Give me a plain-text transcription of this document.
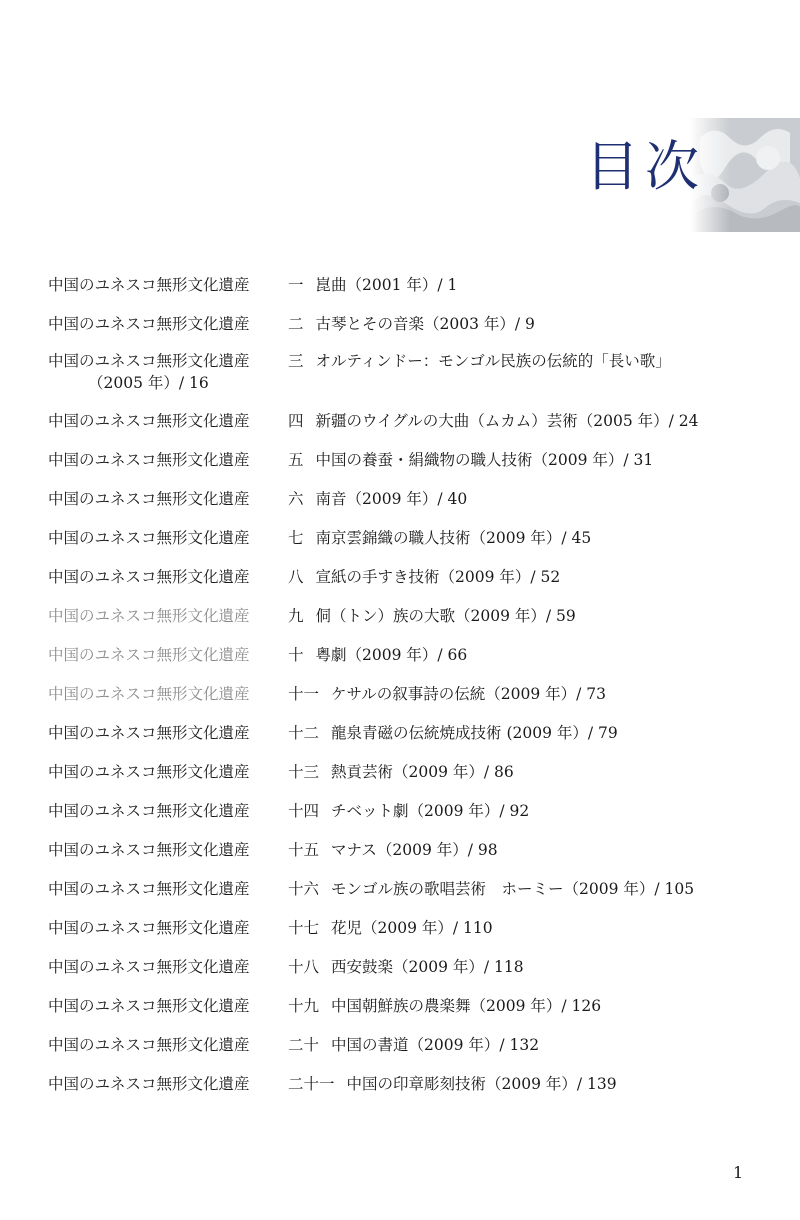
目次
中国のユネスコ無形文化遺産 一 崑曲（2001 年）/ 1
中国のユネスコ無形文化遺産 二 古琴とその音楽（2003 年）/ 9
中国のユネスコ無形文化遺産 三 オルティンドー：モンゴル民族の伝統的「長い歌」
（2005 年）/ 16
中国のユネスコ無形文化遺産 四 新疆のウイグルの大曲（ムカム）芸術（2005 年）/ 24
中国のユネスコ無形文化遺産 五 中国の養蚕・絹織物の職人技術（2009 年）/ 31
中国のユネスコ無形文化遺産 六 南音（2009 年）/ 40
中国のユネスコ無形文化遺産 七 南京雲錦織の職人技術（2009 年）/ 45
中国のユネスコ無形文化遺産 八 宣紙の手すき技術（2009 年）/ 52
中国のユネスコ無形文化遺産 九 侗（トン）族の大歌（2009 年）/ 59
中国のユネスコ無形文化遺産 十 粤劇（2009 年）/ 66
中国のユネスコ無形文化遺産 十一 ケサルの叙事詩の伝統（2009 年）/ 73
中国のユネスコ無形文化遺産 十二 龍泉青磁の伝統焼成技術 (2009 年）/ 79
中国のユネスコ無形文化遺産 十三 熱貢芸術（2009 年）/ 86
中国のユネスコ無形文化遺産 十四 チベット劇（2009 年）/ 92
中国のユネスコ無形文化遺産 十五 マナス（2009 年）/ 98
中国のユネスコ無形文化遺産 十六 モンゴル族の歌唱芸術　ホーミー（2009 年）/ 105
中国のユネスコ無形文化遺産 十七 花児（2009 年）/ 110
中国のユネスコ無形文化遺産 十八 西安鼓楽（2009 年）/ 118
中国のユネスコ無形文化遺産 十九 中国朝鮮族の農楽舞（2009 年）/ 126
中国のユネスコ無形文化遺産 二十 中国の書道（2009 年）/ 132
中国のユネスコ無形文化遺産 二十一 中国の印章彫刻技術（2009 年）/ 139
1
